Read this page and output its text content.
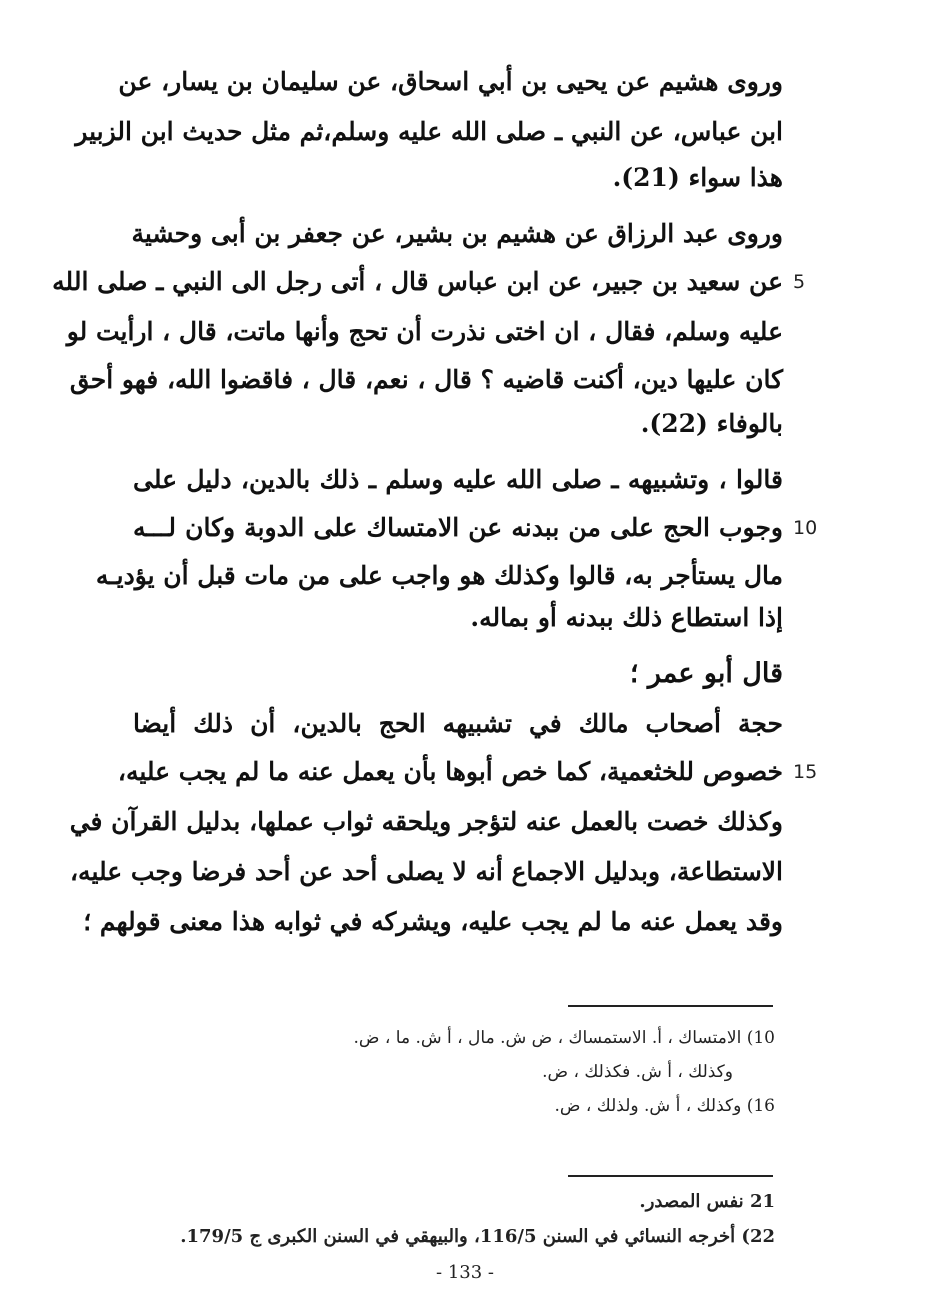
وروى هشيم عن يحيى بن أبي اسحاق، عن سليمان بن يسار، عن
ابن عباس، عن النبي ـ صلى الله عليه وسلم،ثم مثل حديث ابن الزبير
هذا سواء (21).
وروى عبد الرزاق عن هشيم بن بشير، عن جعفر بن أبى وحشية
عن سعيد بن جبير، عن ابن عباس قال ، أتى رجل الى النبي ـ صلى الله 5
عليه وسلم، فقال ، ان اختى نذرت أن تحج وأنها ماتت، قال ، ارأيت لو
كان عليها دين، أكنت قاضيه ؟ قال ، نعم، قال ، فاقضوا الله، فهو أحق
بالوفاء (22).
قالوا ، وتشبيهه ـ صلى الله عليه وسلم ـ ذلك بالدين، دليل على
وجوب الحج على من ببدنه عن الامتساك على الدوبة وكان لـــه 10
مال يستأجر به، قالوا وكذلك هو واجب على من مات قبل أن يؤديـه
إذا استطاع ذلك ببدنه أو بماله.
قال أبو عمر ؛
حجة أصحاب مالك في تشبيهه الحج بالدين، أن ذلك أيضا
خصوص للخثعمية، كما خص أبوها بأن يعمل عنه ما لم يجب عليه، 15
وكذلك خصت بالعمل عنه لتؤجر ويلحقه ثواب عملها، بدليل القرآن في
الاستطاعة، وبدليل الاجماع أنه لا يصلى أحد عن أحد فرضا وجب عليه،
وقد يعمل عنه ما لم يجب عليه، ويشركه في ثوابه هذا معنى قولهم ؛
10) الامتساك ، أ. الاستمساك ، ض ش. مال ، أ ش. ما ، ض.
وكذلك ، أ ش. فكذلك ، ض.
16) وكذلك ، أ ش. ولذلك ، ض.
21 نفس المصدر.
22) أخرجه النسائي في السنن 116/5، والبيهقي في السنن الكبرى ج 179/5.
- 133 -
